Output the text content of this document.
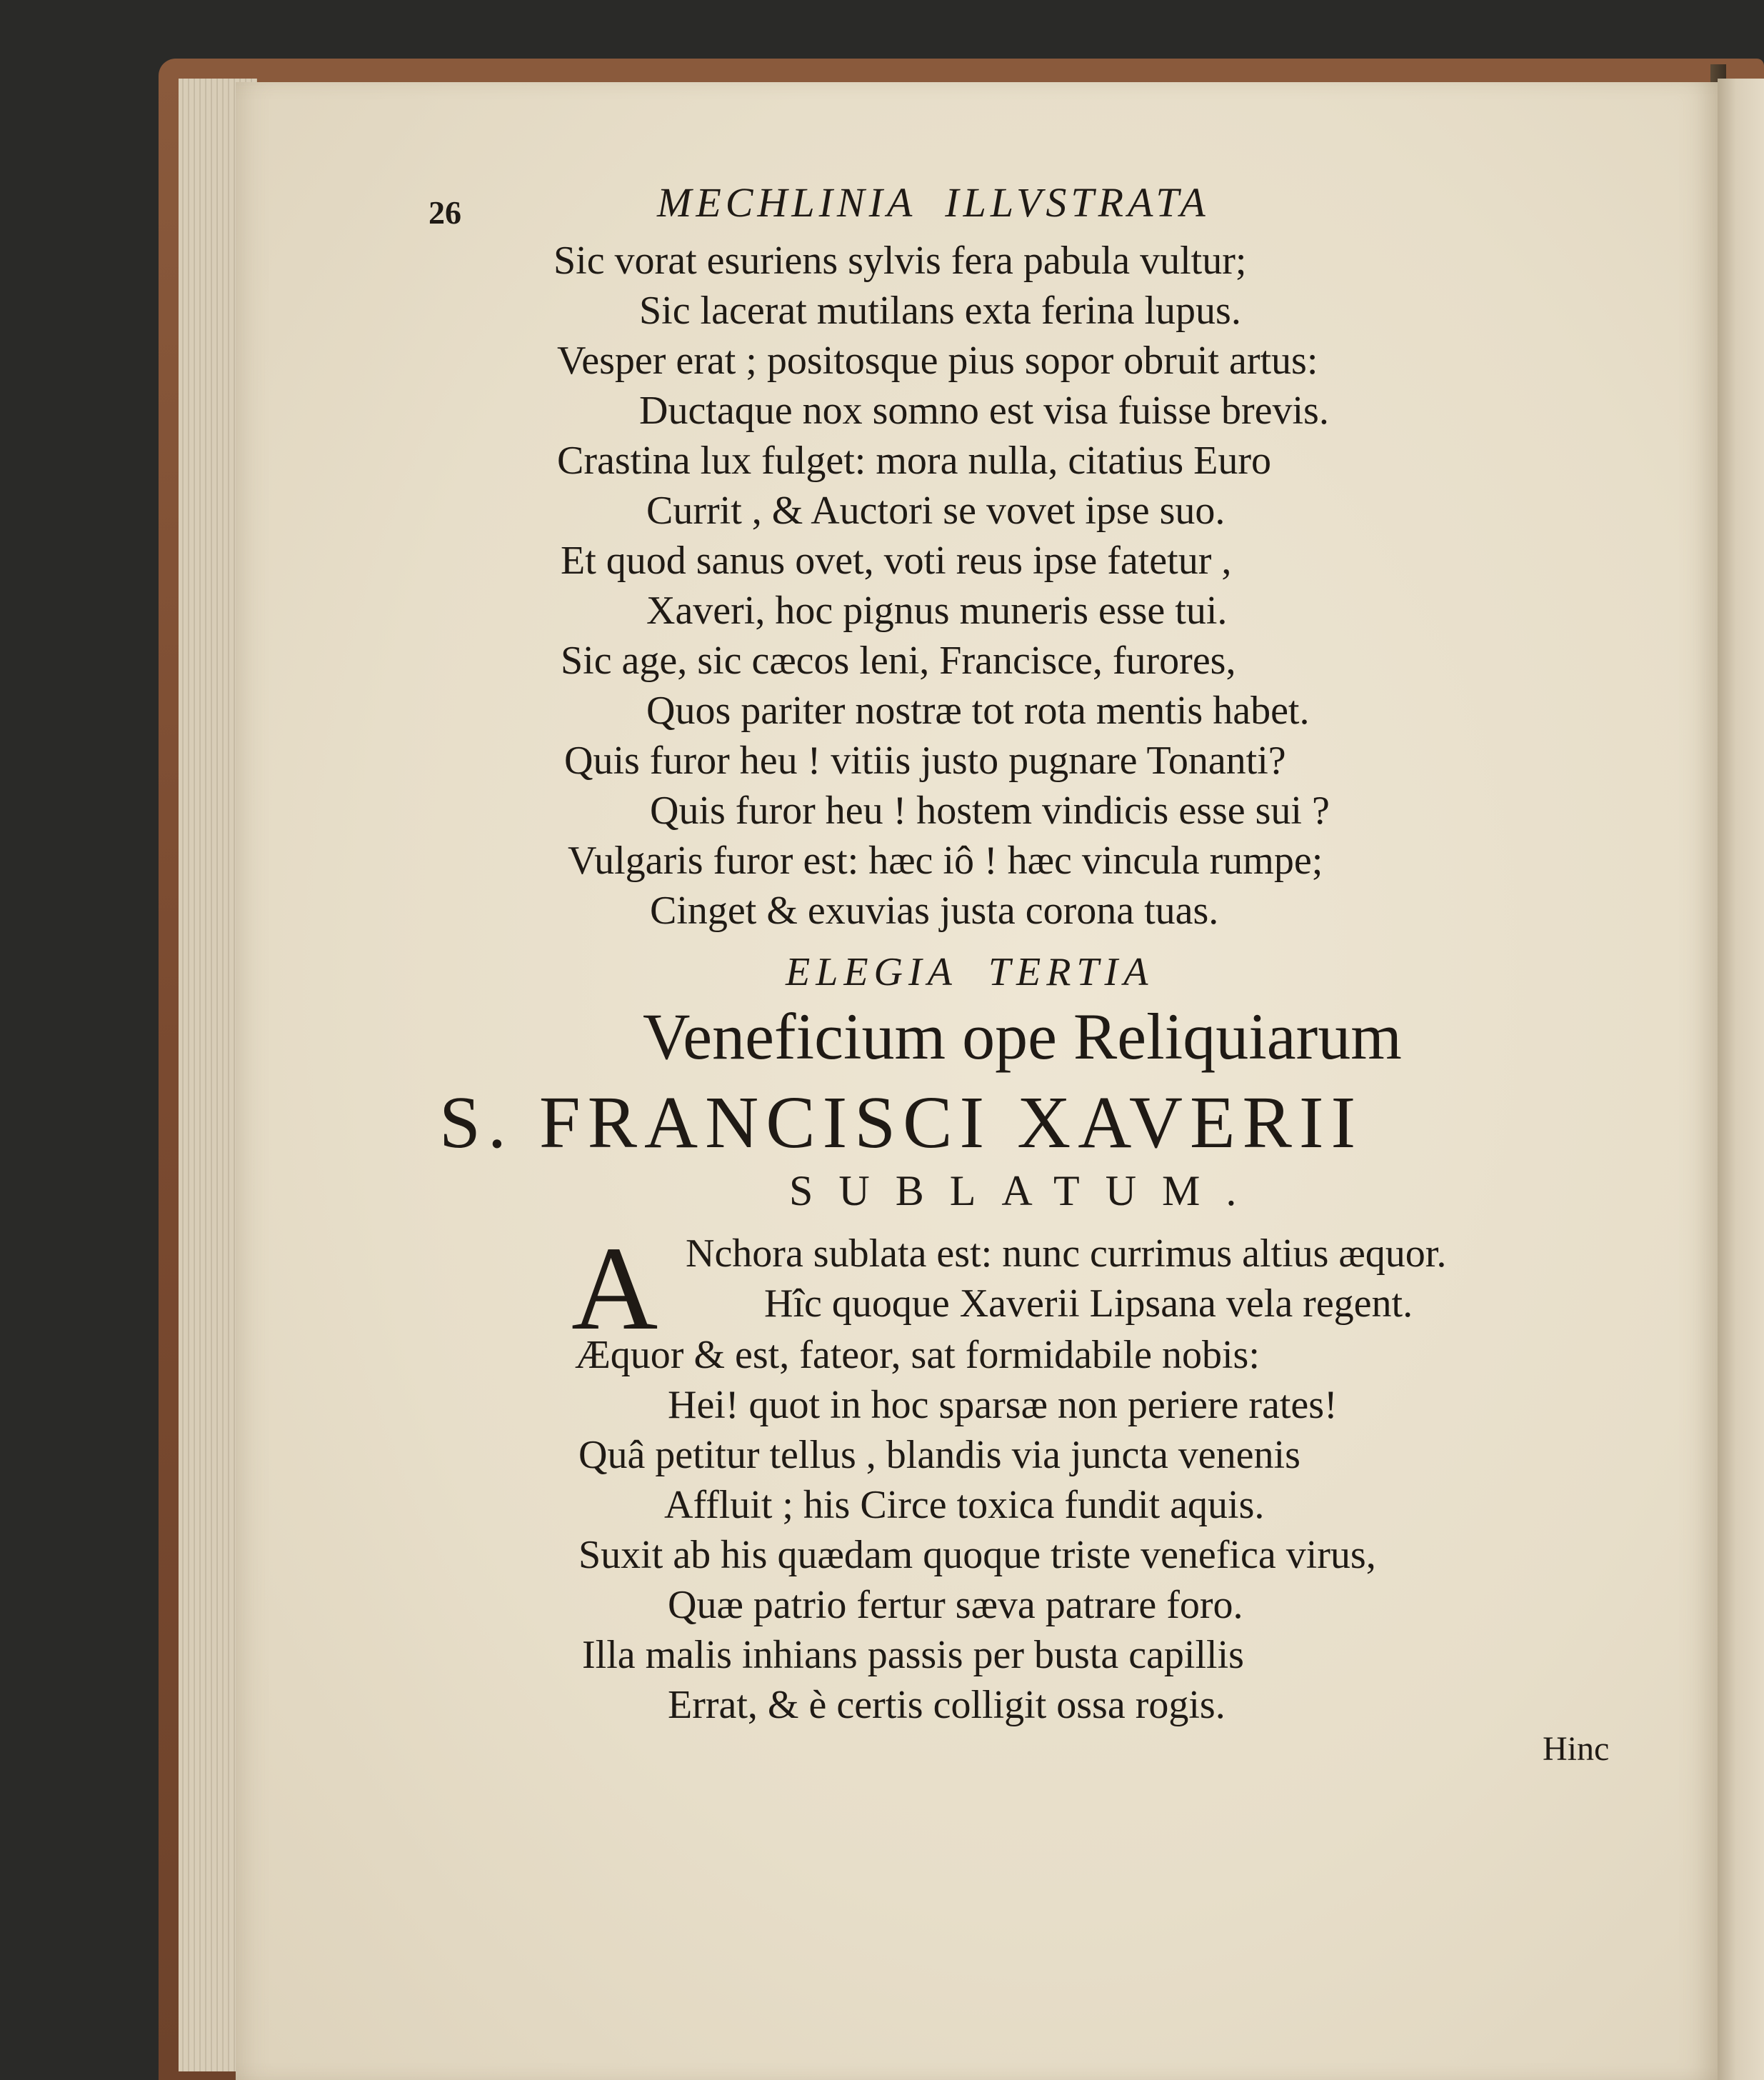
26	MECHLINIA  ILLVSTRATA
Sic vorat esuriens sylvis fera pabula vultur;
Sic lacerat mutilans exta ferina lupus.
Vesper erat ; positosque pius sopor obruit artus:
Ductaque nox somno est visa fuisse brevis.
Crastina lux fulget: mora nulla, citatius Euro
Currit , & Auctori se vovet ipse suo.
Et quod sanus ovet, voti reus ipse fatetur ,
Xaveri, hoc pignus muneris esse tui.
Sic age, sic cæcos leni, Francisce, furores,
Quos pariter nostræ tot rota mentis habet.
Quis furor heu ! vitiis justo pugnare Tonanti?
Quis furor heu ! hostem vindicis esse sui ?
Vulgaris furor est: hæc iô ! hæc vincula rumpe;
Cinget & exuvias justa corona tuas.
ELEGIA  TERTIA
Veneficium ope Reliquiarum
S. FRANCISCI XAVERII
SUBLATUM.
A Nchora sublata est: nunc currimus altius æquor.
Hîc quoque Xaverii Lipsana vela regent.
Æquor & est, fateor, sat formidabile nobis:
Hei! quot in hoc sparsæ non periere rates!
Quâ petitur tellus , blandis via juncta venenis
Affluit ; his Circe toxica fundit aquis.
Suxit ab his quædam quoque triste venefica virus,
Quæ patrio fertur sæva patrare foro.
Illa malis inhians passis per busta capillis
Errat, & è certis colligit ossa rogis.
Hinc
